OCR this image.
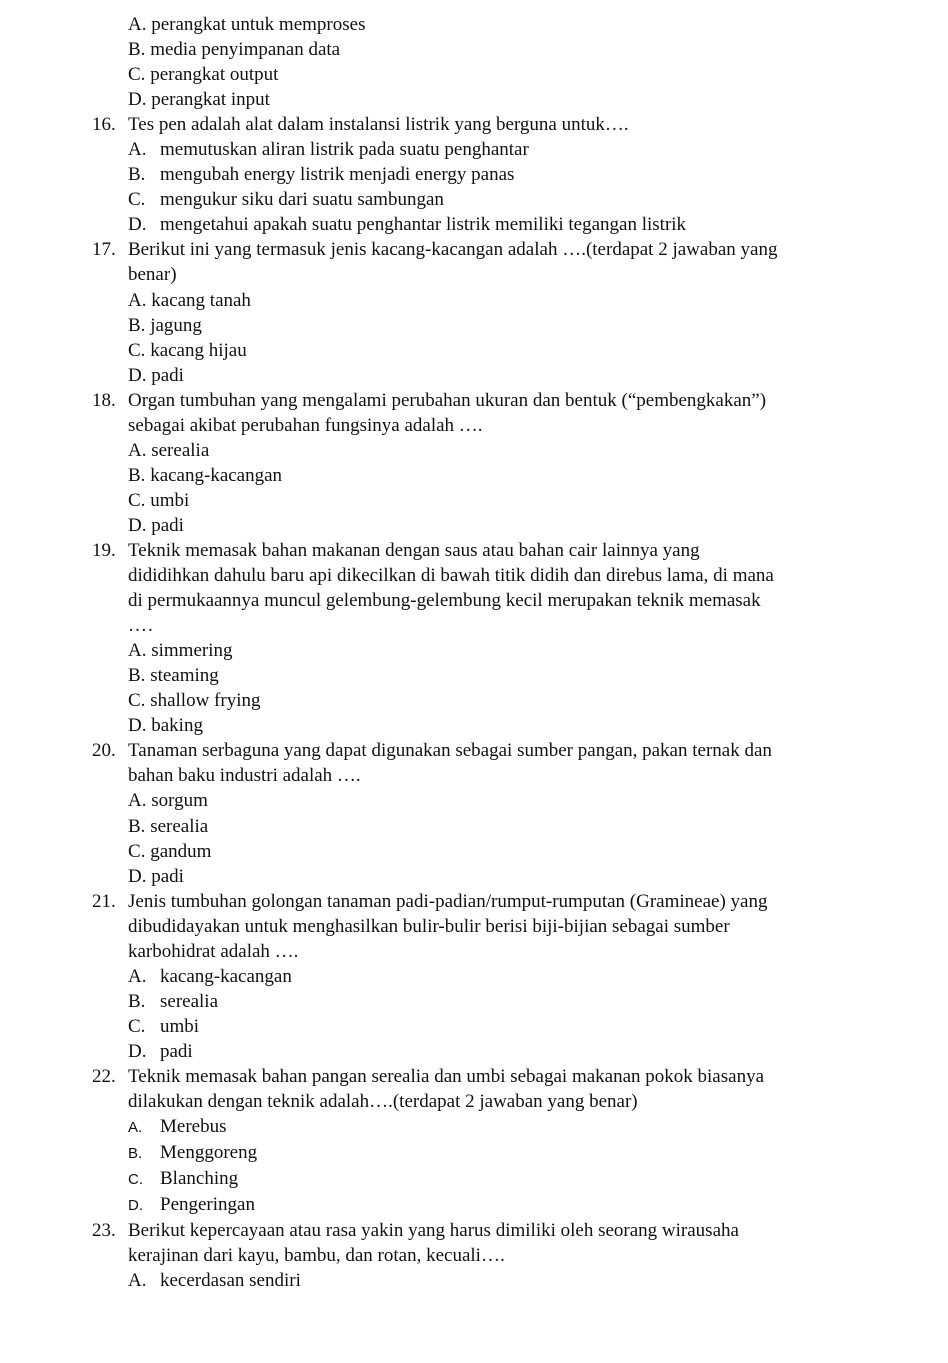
A. perangkat untuk memproses
B. media penyimpanan data
C. perangkat output
D. perangkat input
16. Tes pen adalah alat dalam instalansi listrik yang berguna untuk….
A. memutuskan aliran listrik pada suatu penghantar
B. mengubah energy listrik menjadi energy panas
C. mengukur siku dari suatu sambungan
D. mengetahui apakah suatu penghantar listrik memiliki tegangan listrik
17. Berikut ini yang termasuk jenis kacang-kacangan adalah ….(terdapat 2 jawaban yang
benar)
A. kacang tanah
B. jagung
C. kacang hijau
D. padi
18. Organ tumbuhan yang mengalami perubahan ukuran dan bentuk (“pembengkakan”)
sebagai akibat perubahan fungsinya adalah ….
A. serealia
B. kacang-kacangan
C. umbi
D. padi
19. Teknik memasak bahan makanan dengan saus atau bahan cair lainnya yang
dididihkan dahulu baru api dikecilkan di bawah titik didih dan direbus lama, di mana
di permukaannya muncul gelembung-gelembung kecil merupakan teknik memasak
….
A. simmering
B. steaming
C. shallow frying
D. baking
20. Tanaman serbaguna yang dapat digunakan sebagai sumber pangan, pakan ternak dan
bahan baku industri adalah ….
A. sorgum
B. serealia
C. gandum
D. padi
21. Jenis tumbuhan golongan tanaman padi-padian/rumput-rumputan (Gramineae) yang
dibudidayakan untuk menghasilkan bulir-bulir berisi biji-bijian sebagai sumber
karbohidrat adalah ….
A. kacang-kacangan
B. serealia
C. umbi
D. padi
22. Teknik memasak bahan pangan serealia dan umbi sebagai makanan pokok biasanya
dilakukan dengan teknik adalah….(terdapat 2 jawaban yang benar)
A. Merebus
B. Menggoreng
C. Blanching
D. Pengeringan
23. Berikut kepercayaan atau rasa yakin yang harus dimiliki oleh seorang wirausaha
kerajinan dari kayu, bambu, dan rotan, kecuali….
A. kecerdasan sendiri
